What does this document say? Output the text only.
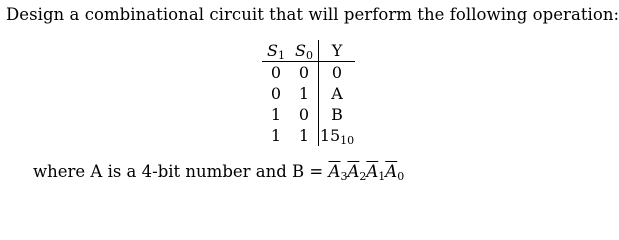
Design a combinational circuit that will perform the following operation:
$S_1$	$S_0$	Y
0	0	0
0	1	A
1	0	B
1	1	$15_{10}$
where A is a 4-bit number and $B = \overline{A}_3\overline{A}_2\overline{A}_1\overline{A}_0$
